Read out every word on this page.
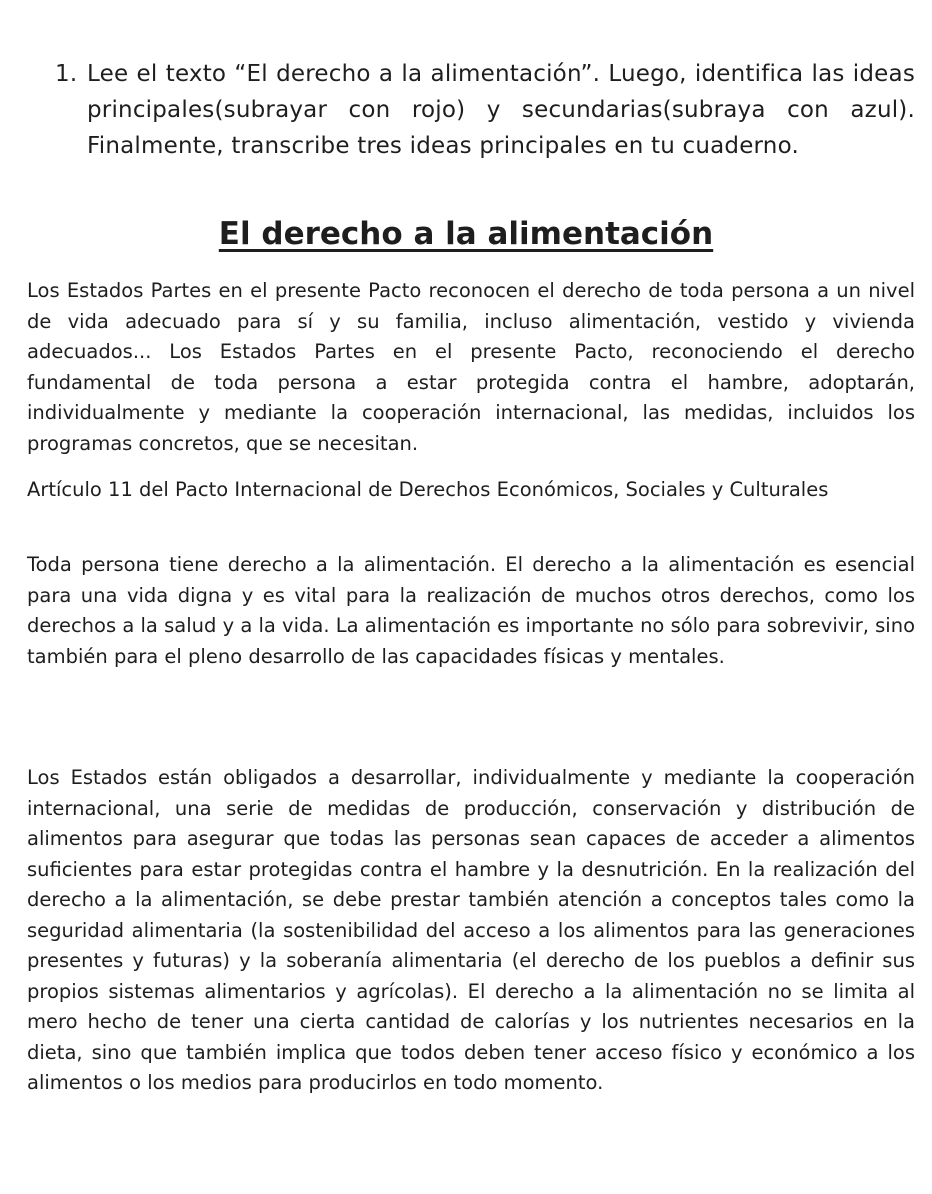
1. Lee el texto “El derecho a la alimentación”. Luego, identifica las ideas principales(subrayar con rojo) y secundarias(subraya con azul). Finalmente, transcribe tres ideas principales en tu cuaderno.
El derecho a la alimentación

Los Estados Partes en el presente Pacto reconocen el derecho de toda persona a un nivel de vida adecuado para sí y su familia, incluso alimentación, vestido y vivienda adecuados... Los Estados Partes en el presente Pacto, reconociendo el derecho fundamental de toda persona a estar protegida contra el hambre, adoptarán, individualmente y mediante la cooperación internacional, las medidas, incluidos los programas concretos, que se necesitan.

Artículo 11 del Pacto Internacional de Derechos Económicos, Sociales y Culturales

Toda persona tiene derecho a la alimentación. El derecho a la alimentación es esencial para una vida digna y es vital para la realización de muchos otros derechos, como los derechos a la salud y a la vida. La alimentación es importante no sólo para sobrevivir, sino también para el pleno desarrollo de las capacidades físicas y mentales.

Los Estados están obligados a desarrollar, individualmente y mediante la cooperación internacional, una serie de medidas de producción, conservación y distribución de alimentos para asegurar que todas las personas sean capaces de acceder a alimentos suficientes para estar protegidas contra el hambre y la desnutrición. En la realización del derecho a la alimentación, se debe prestar también atención a conceptos tales como la seguridad alimentaria (la sostenibilidad del acceso a los alimentos para las generaciones presentes y futuras) y la soberanía alimentaria (el derecho de los pueblos a definir sus propios sistemas alimentarios y agrícolas). El derecho a la alimentación no se limita al mero hecho de tener una cierta cantidad de calorías y los nutrientes necesarios en la dieta, sino que también implica que todos deben tener acceso físico y económico a los alimentos o los medios para producirlos en todo momento.
